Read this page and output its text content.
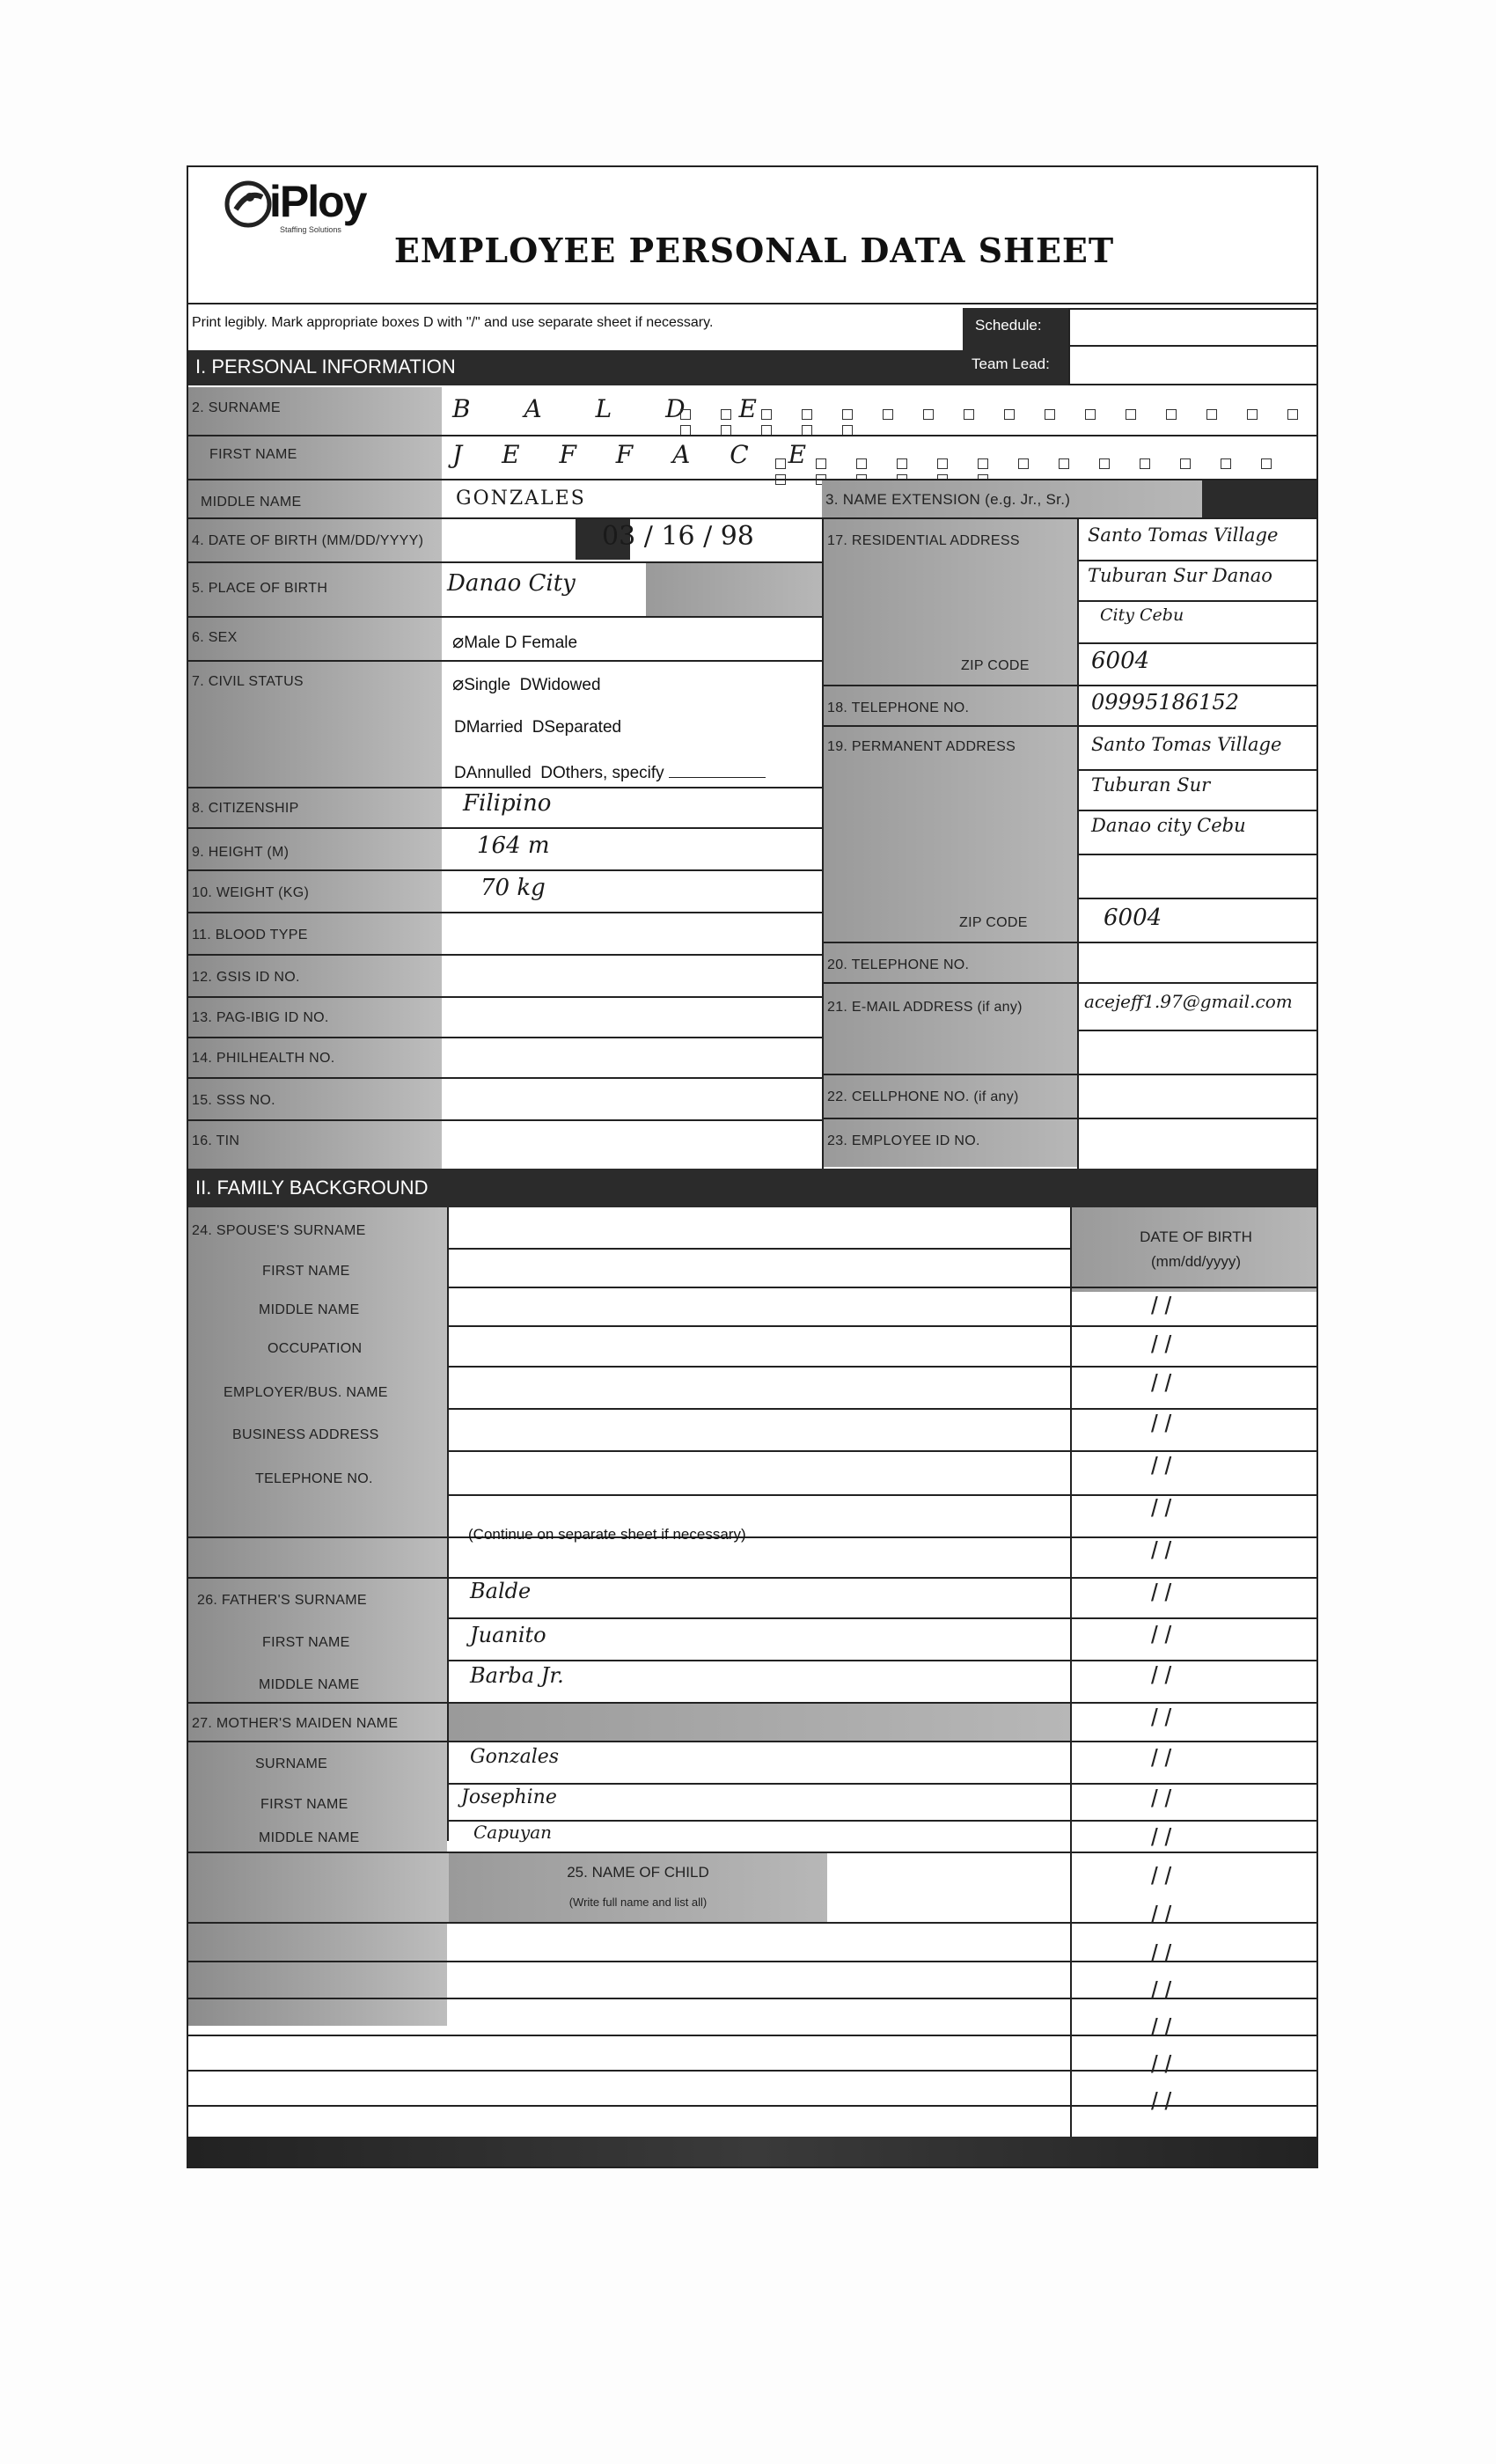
iPloy
Staffing Solutions
EMPLOYEE PERSONAL DATA SHEET
Print legibly. Mark appropriate boxes D with "/" and use separate sheet if necessary.
I. PERSONAL INFORMATION
Schedule:
Team Lead:
2. SURNAME	B A L D E
FIRST NAME	J E F F A C E
MIDDLE NAME	GONZALES	3. NAME EXTENSION (e.g. Jr., Sr.)
4. DATE OF BIRTH (MM/DD/YYYY)	03 / 16 / 98
5. PLACE OF BIRTH	Danao City
6. SEX	⌀Male D Female
7. CIVIL STATUS	⌀Single DWidowed
DMarried DSeparated
DAnnulled DOthers, specify
8. CITIZENSHIP	Filipino
9. HEIGHT (M)	164 m
10. WEIGHT (KG)	70 kg
11. BLOOD TYPE
12. GSIS ID NO.
13. PAG-IBIG ID NO.
14. PHILHEALTH NO.
15. SSS NO.
16. TIN
17. RESIDENTIAL ADDRESS	Santo Tomas Village
Tuburan Sur Danao
City Cebu
ZIP CODE	6004
18. TELEPHONE NO.	09995186152
19. PERMANENT ADDRESS	Santo Tomas Village
Tuburan Sur
Danao city Cebu
ZIP CODE	6004
20. TELEPHONE NO.
21. E-MAIL ADDRESS (if any)	acejeff1.97@gmail.com
22. CELLPHONE NO. (if any)
23. EMPLOYEE ID NO.
II. FAMILY BACKGROUND
DATE OF BIRTH
(mm/dd/yyyy)
24. SPOUSE'S SURNAME
FIRST NAME
MIDDLE NAME
OCCUPATION
EMPLOYER/BUS. NAME
BUSINESS ADDRESS
TELEPHONE NO.
(Continue on separate sheet if necessary)
26. FATHER'S SURNAME	Balde
FIRST NAME	Juanito
MIDDLE NAME	Barba Jr.
27. MOTHER'S MAIDEN NAME
SURNAME	Gonzales
FIRST NAME	Josephine
MIDDLE NAME	Capuyan
25. NAME OF CHILD
(Write full name and list all)
/ /
/ /
/ /
/ /
/ /
/ /
/ /
/ /
/ /
/ /
/ /
/ /
/ /
/ /
/ /
/ /
/ /
/ /
/ /
/ /
/ /
